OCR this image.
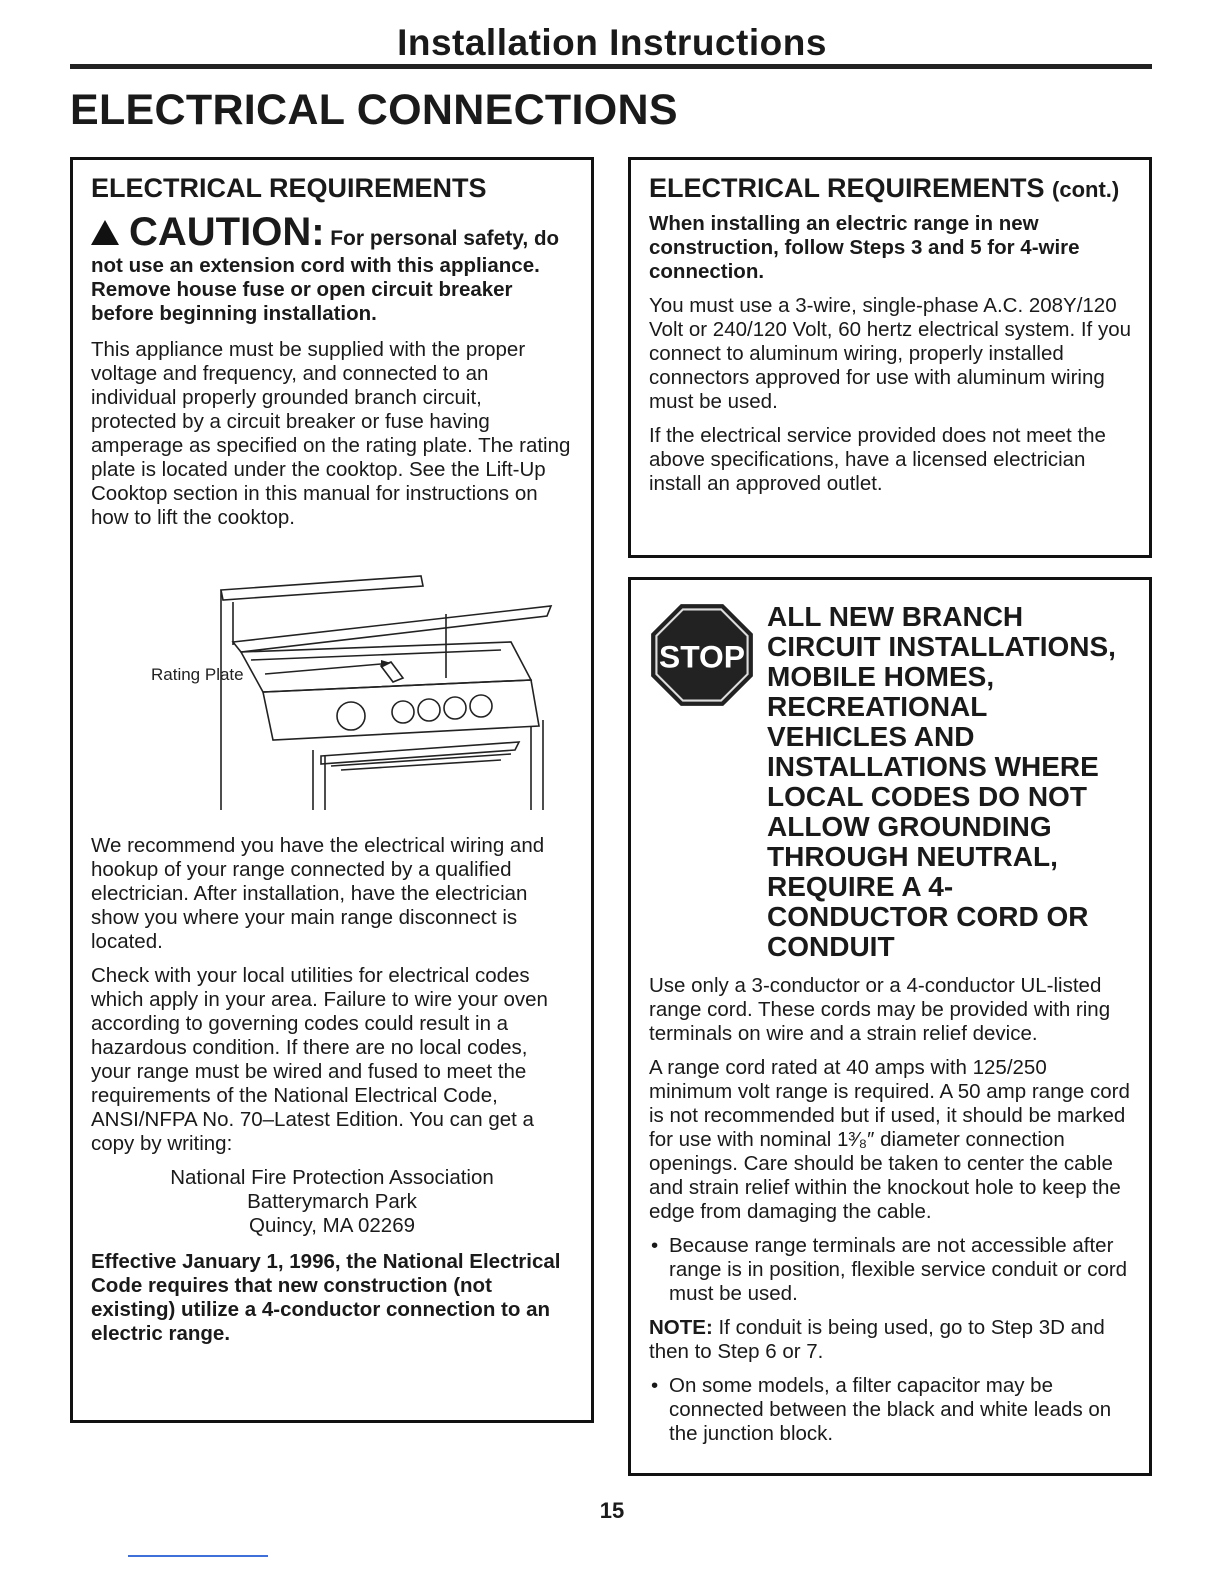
Installation Instructions
ELECTRICAL CONNECTIONS
ELECTRICAL REQUIREMENTS
CAUTION: For personal safety, do not use an extension cord with this appliance. Remove house fuse or open circuit breaker before beginning installation.

This appliance must be supplied with the proper voltage and frequency, and connected to an individual properly grounded branch circuit, protected by a circuit breaker or fuse having amperage as specified on the rating plate. The rating plate is located under the cooktop. See the Lift-Up Cooktop section in this manual for instructions on how to lift the cooktop.

Rating Plate

We recommend you have the electrical wiring and hookup of your range connected by a qualified electrician. After installation, have the electrician show you where your main range disconnect is located.

Check with your local utilities for electrical codes which apply in your area. Failure to wire your oven according to governing codes could result in a hazardous condition. If there are no local codes, your range must be wired and fused to meet the requirements of the National Electrical Code, ANSI/NFPA No. 70–Latest Edition. You can get a copy by writing:

National Fire Protection Association
Batterymarch Park
Quincy, MA 02269

Effective January 1, 1996, the National Electrical Code requires that new construction (not existing) utilize a 4-conductor connection to an electric range.

ELECTRICAL REQUIREMENTS (cont.)

When installing an electric range in new construction, follow Steps 3 and 5 for 4-wire connection.

You must use a 3-wire, single-phase A.C. 208Y/120 Volt or 240/120 Volt, 60 hertz electrical system. If you connect to aluminum wiring, properly installed connectors approved for use with aluminum wiring must be used.

If the electrical service provided does not meet the above specifications, have a licensed electrician install an approved outlet.

STOP
ALL NEW BRANCH CIRCUIT INSTALLATIONS, MOBILE HOMES, RECREATIONAL VEHICLES AND INSTALLATIONS WHERE LOCAL CODES DO NOT ALLOW GROUNDING THROUGH NEUTRAL, REQUIRE A 4-CONDUCTOR CORD OR CONDUIT

Use only a 3-conductor or a 4-conductor UL-listed range cord. These cords may be provided with ring terminals on wire and a strain relief device.

A range cord rated at 40 amps with 125/250 minimum volt range is required. A 50 amp range cord is not recommended but if used, it should be marked for use with nominal 1³⁄₈″ diameter connection openings. Care should be taken to center the cable and strain relief within the knockout hole to keep the edge from damaging the cable.

• Because range terminals are not accessible after range is in position, flexible service conduit or cord must be used.

NOTE: If conduit is being used, go to Step 3D and then to Step 6 or 7.

• On some models, a filter capacitor may be connected between the black and white leads on the junction block.
15
